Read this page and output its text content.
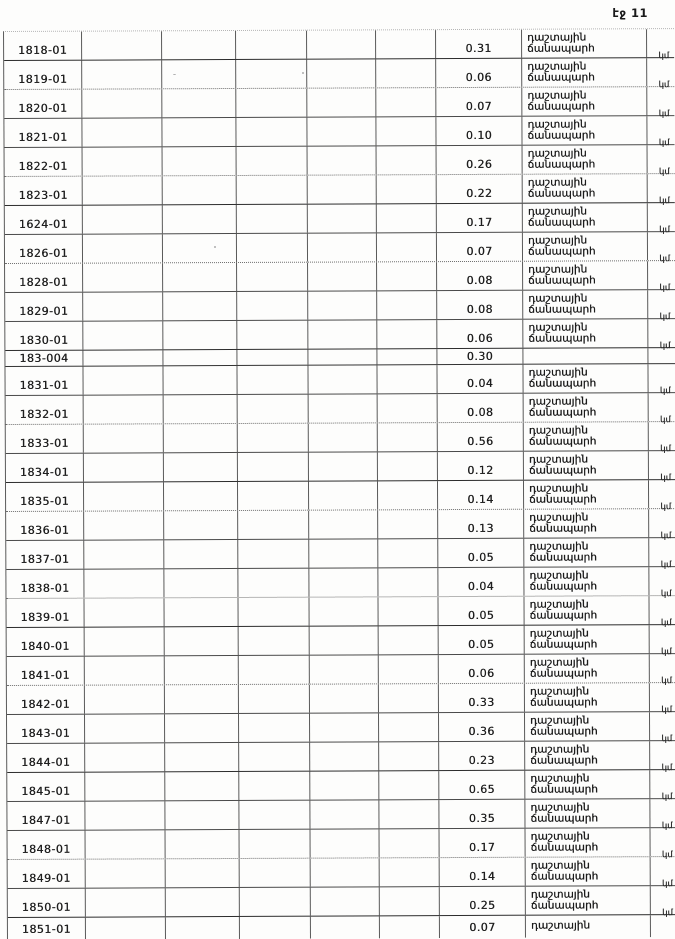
էջ 11
1818-01	0.31
դաշտային
ճանապարհ
կմ
1819-01	0.06
դաշտային
ճանապարհ
կմ
1820-01	0.07
դաշտային
ճանապարհ
կմ
1821-01	0.10
դաշտային
ճանապարհ
կմ
1822-01	0.26
դաշտային
ճանապարհ
կմ
1823-01	0.22
դաշտային
ճանապարհ
կմ
1624-01	0.17
դաշտային
ճանապարհ
կմ
1826-01	0.07
դաշտային
ճանապարհ
կմ
1828-01	0.08
դաշտային
ճանապարհ
կմ
1829-01	0.08
դաշտային
ճանապարհ
կմ
1830-01	0.06
դաշտային
ճանապարհ
կմ
183-004	0.30
1831-01	0.04
դաշտային
ճանապարհ
կմ
1832-01	0.08
դաշտային
ճանապարհ
կմ
1833-01	0.56
դաշտային
ճանապարհ
կմ
1834-01	0.12
դաշտային
ճանապարհ
կմ
1835-01	0.14
դաշտային
ճանապարհ
կմ
1836-01	0.13
դաշտային
ճանապարհ
կմ
1837-01	0.05
դաշտային
ճանապարհ
կմ
1838-01	0.04
դաշտային
ճանապարհ
կմ
1839-01	0.05
դաշտային
ճանապարհ
կմ
1840-01	0.05
դաշտային
ճանապարհ
կմ
1841-01	0.06
դաշտային
ճանապարհ
կմ
1842-01	0.33
դաշտային
ճանապարհ
կմ
1843-01	0.36
դաշտային
ճանապարհ
կմ
1844-01	0.23
դաշտային
ճանապարհ
կմ
1845-01	0.65
դաշտային
ճանապարհ
կմ
1847-01	0.35
դաշտային
ճանապարհ
կմ
1848-01	0.17
դաշտային
ճանապարհ
կմ
1849-01	0.14
դաշտային
ճանապարհ
կմ
1850-01	0.25
դաշտային
ճանապարհ
կմ
1851-01	0.07	դաշտային
